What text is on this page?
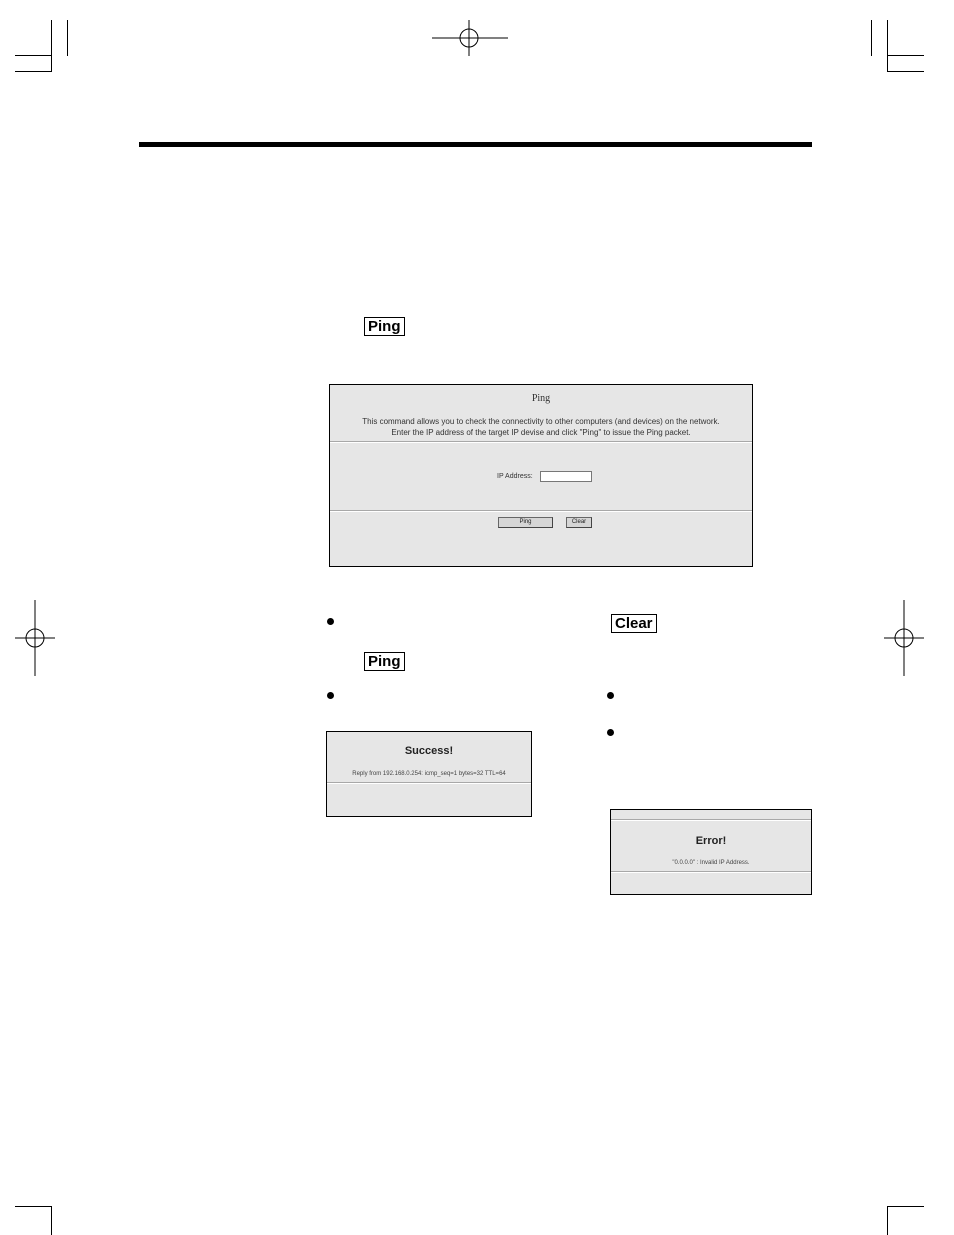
Ping
Ping
This command allows you to check the connectivity to other computers (and devices) on the network.
Enter the IP address of the target IP devise and click "Ping" to issue the Ping packet.
IP Address:
Ping	Clear
Ping
Success!
Reply from 192.168.0.254: icmp_seq=1 bytes=32 TTL=64
Clear
Error!
"0.0.0.0" : Invalid IP Address.
